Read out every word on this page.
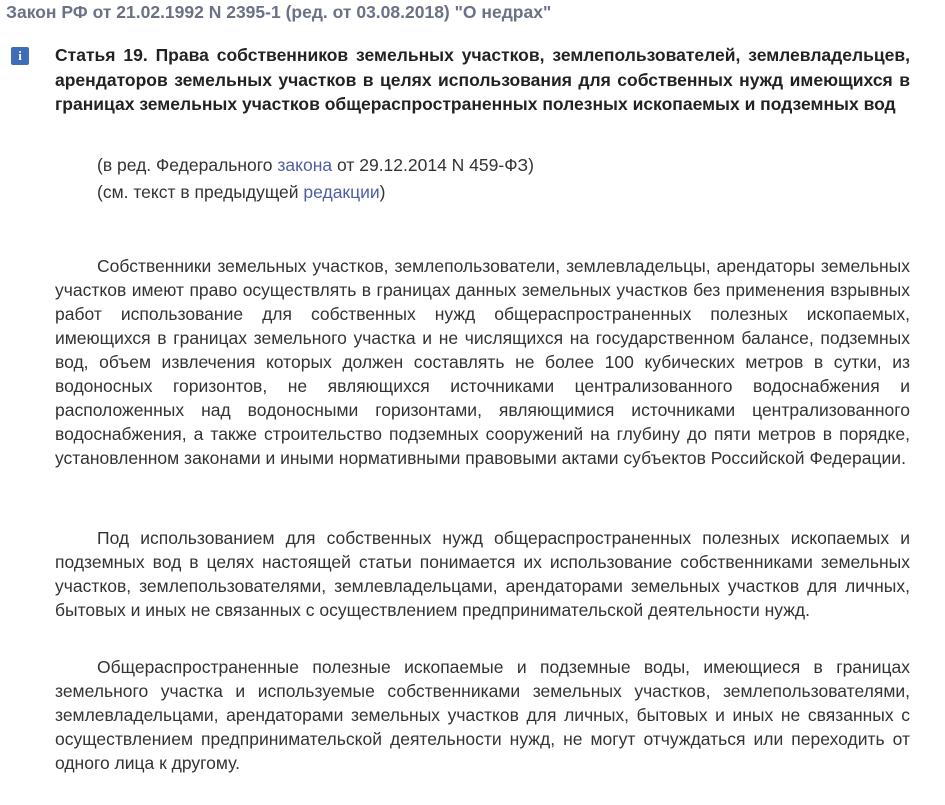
Закон РФ от 21.02.1992 N 2395-1 (ред. от 03.08.2018) "О недрах"
i	Статья 19. Права собственников земельных участков, землепользователей, землевладельцев, арендаторов земельных участков в целях использования для собственных нужд имеющихся в границах земельных участков общераспространенных полезных ископаемых и подземных вод
(в ред. Федерального закона от 29.12.2014 N 459-ФЗ)
(см. текст в предыдущей редакции)

Собственники земельных участков, землепользователи, землевладельцы, арендаторы земельных участков имеют право осуществлять в границах данных земельных участков без применения взрывных работ использование для собственных нужд общераспространенных полезных ископаемых, имеющихся в границах земельного участка и не числящихся на государственном балансе, подземных вод, объем извлечения которых должен составлять не более 100 кубических метров в сутки, из водоносных горизонтов, не являющихся источниками централизованного водоснабжения и расположенных над водоносными горизонтами, являющимися источниками централизованного водоснабжения, а также строительство подземных сооружений на глубину до пяти метров в порядке, установленном законами и иными нормативными правовыми актами субъектов Российской Федерации.

Под использованием для собственных нужд общераспространенных полезных ископаемых и подземных вод в целях настоящей статьи понимается их использование собственниками земельных участков, землепользователями, землевладельцами, арендаторами земельных участков для личных, бытовых и иных не связанных с осуществлением предпринимательской деятельности нужд.

Общераспространенные полезные ископаемые и подземные воды, имеющиеся в границах земельного участка и используемые собственниками земельных участков, землепользователями, землевладельцами, арендаторами земельных участков для личных, бытовых и иных не связанных с осуществлением предпринимательской деятельности нужд, не могут отчуждаться или переходить от одного лица к другому.
